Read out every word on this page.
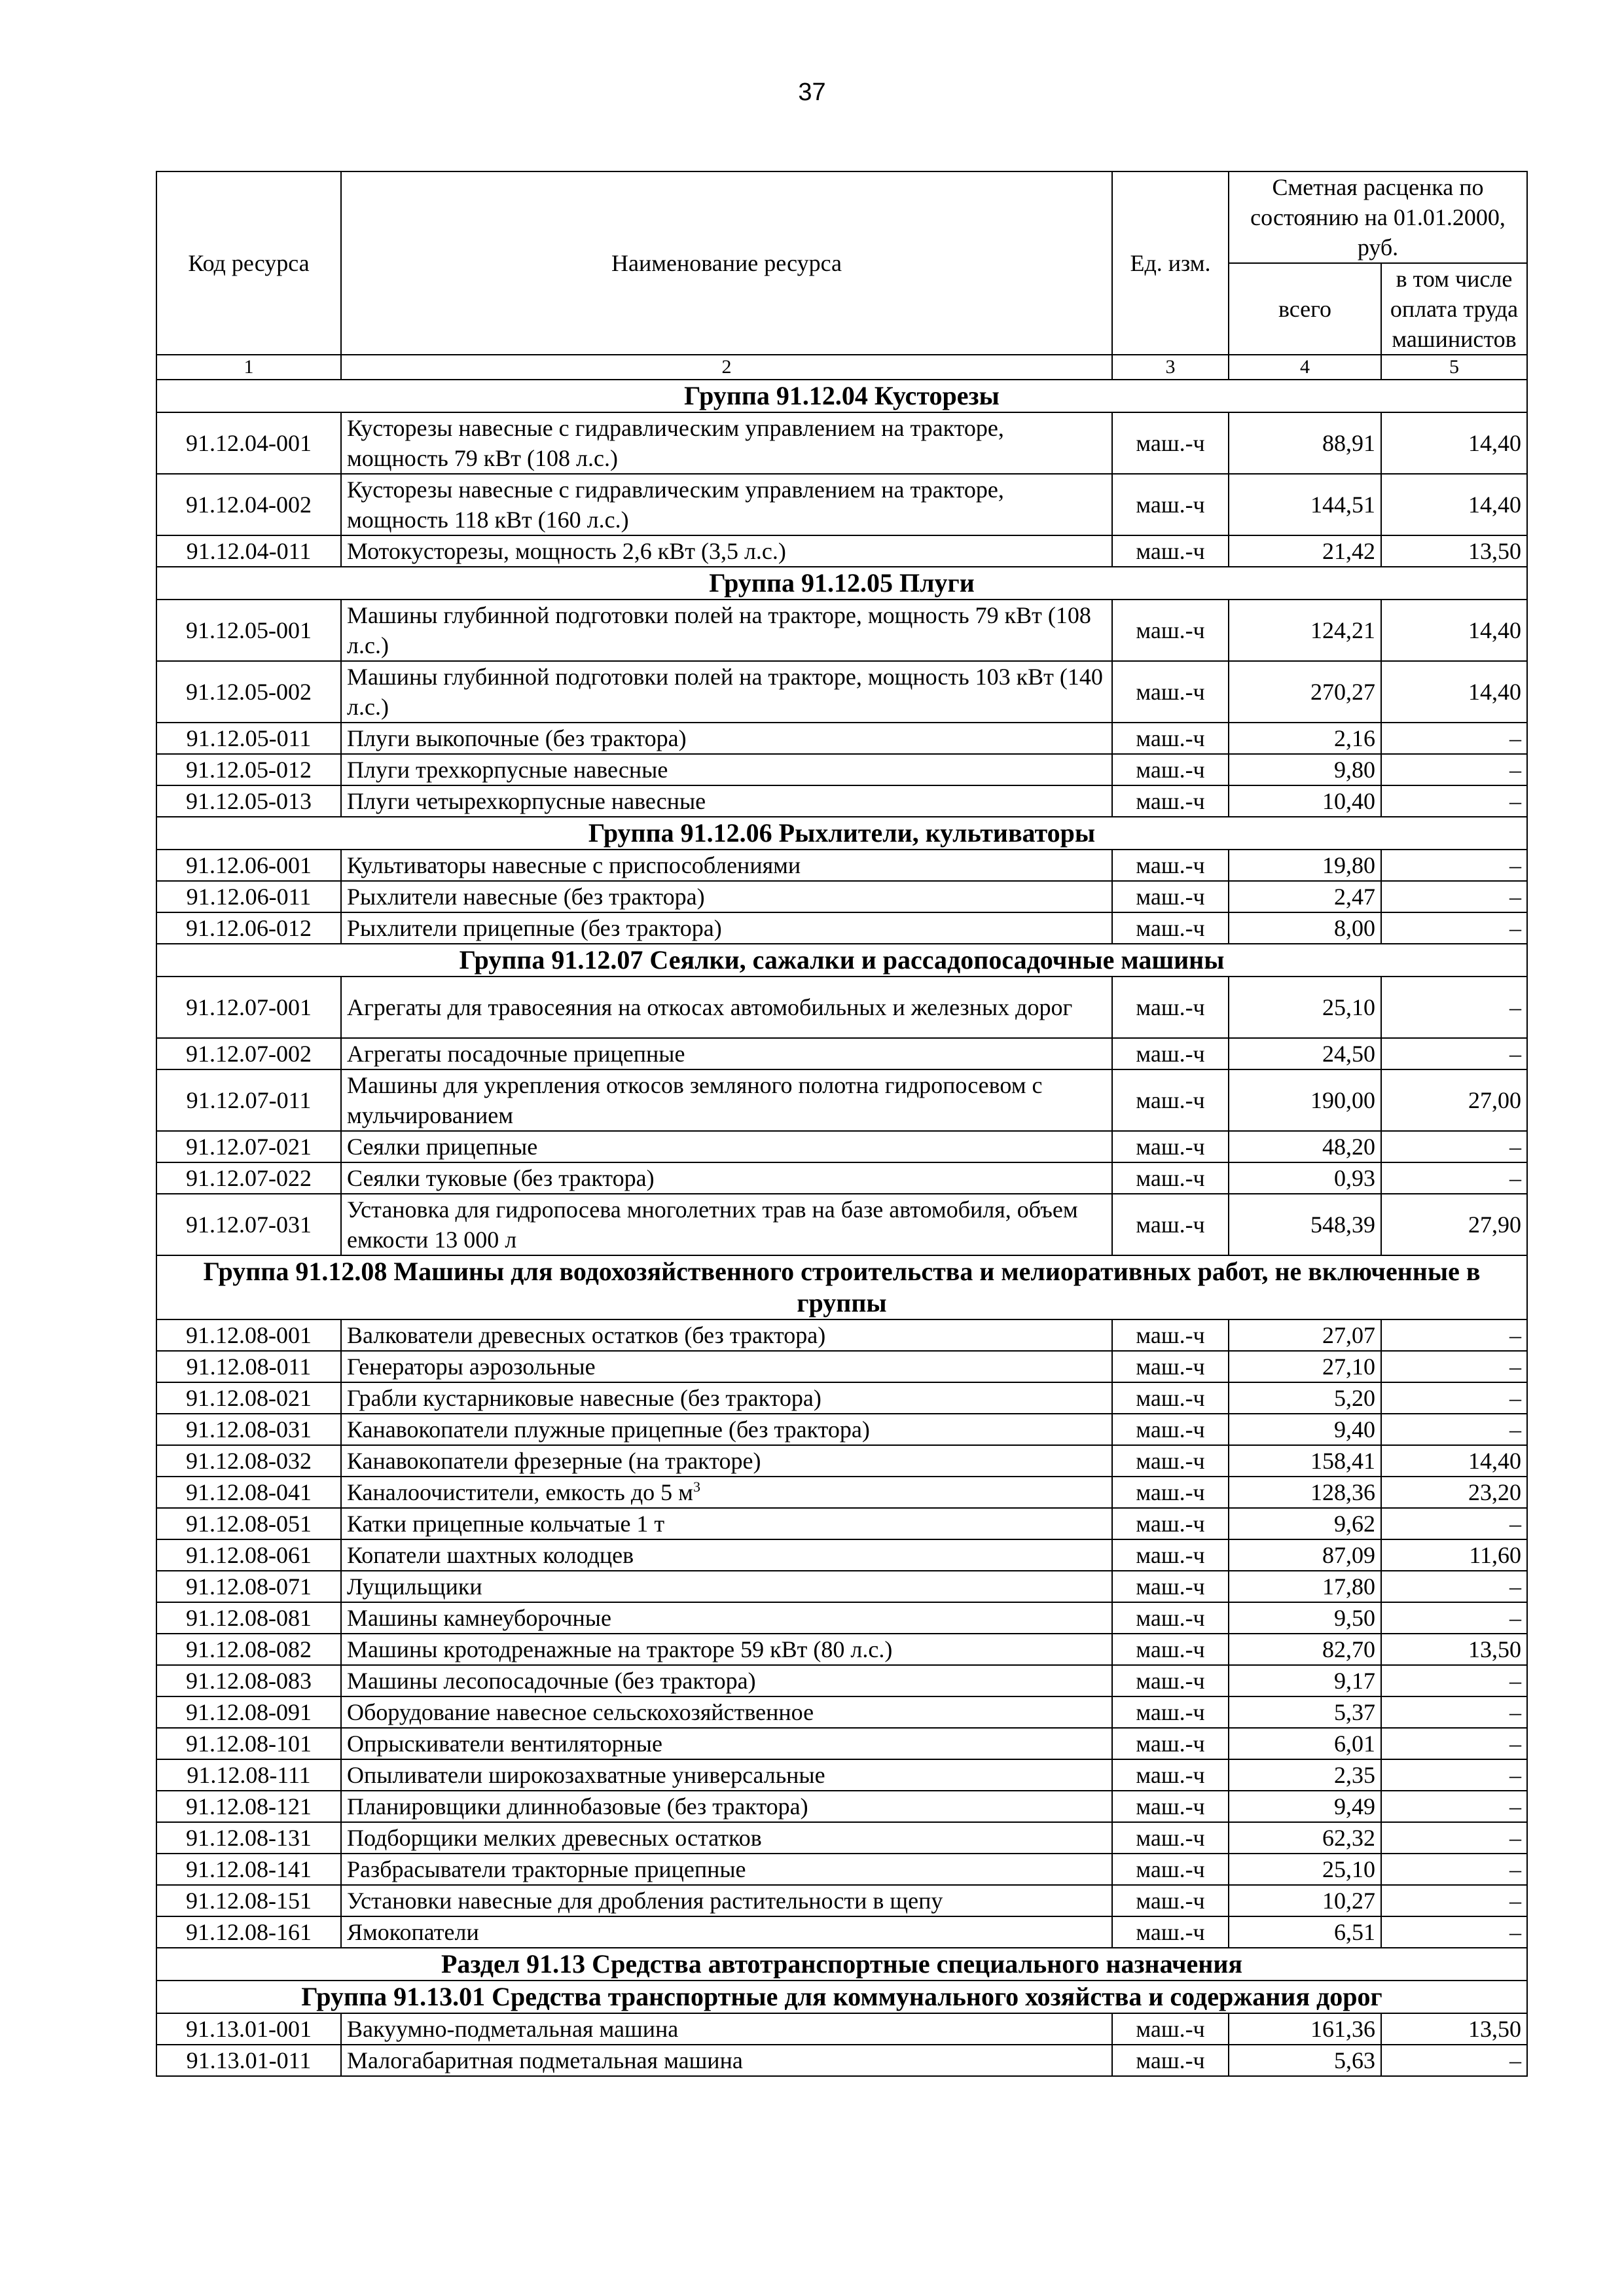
37
Код ресурса	Наименование ресурса	Ед. изм.	Сметная расценка по состоянию на 01.01.2000, руб.	
			всего	в том числе оплата труда машинистов
1	2	3	4	5
Группа 91.12.04 Кусторезы				
91.12.04-001	Кусторезы навесные с гидравлическим управлением на тракторе, мощность 79 кВт (108 л.с.)	маш.-ч	88,91	14,40
91.12.04-002	Кусторезы навесные с гидравлическим управлением на тракторе, мощность 118 кВт (160 л.с.)	маш.-ч	144,51	14,40
91.12.04-011	Мотокусторезы, мощность 2,6 кВт (3,5 л.с.)	маш.-ч	21,42	13,50
Группа 91.12.05 Плуги				
91.12.05-001	Машины глубинной подготовки полей на тракторе, мощность 79 кВт (108 л.с.)	маш.-ч	124,21	14,40
91.12.05-002	Машины глубинной подготовки полей на тракторе, мощность 103 кВт (140 л.с.)	маш.-ч	270,27	14,40
91.12.05-011	Плуги выкопочные (без трактора)	маш.-ч	2,16	–
91.12.05-012	Плуги трехкорпусные навесные	маш.-ч	9,80	–
91.12.05-013	Плуги четырехкорпусные навесные	маш.-ч	10,40	–
Группа 91.12.06 Рыхлители, культиваторы				
91.12.06-001	Культиваторы навесные с приспособлениями	маш.-ч	19,80	–
91.12.06-011	Рыхлители навесные (без трактора)	маш.-ч	2,47	–
91.12.06-012	Рыхлители прицепные (без трактора)	маш.-ч	8,00	–
Группа 91.12.07 Сеялки, сажалки и рассадопосадочные машины				
91.12.07-001	Агрегаты для травосеяния на откосах автомобильных и железных дорог	маш.-ч	25,10	–
91.12.07-002	Агрегаты посадочные прицепные	маш.-ч	24,50	–
91.12.07-011	Машины для укрепления откосов земляного полотна гидропосевом с мульчированием	маш.-ч	190,00	27,00
91.12.07-021	Сеялки прицепные	маш.-ч	48,20	–
91.12.07-022	Сеялки туковые (без трактора)	маш.-ч	0,93	–
91.12.07-031	Установка для гидропосева многолетних трав на базе автомобиля, объем емкости 13 000 л	маш.-ч	548,39	27,90
Группа 91.12.08 Машины для водохозяйственного строительства и мелиоративных работ, не включенные в группы				
91.12.08-001	Валкователи древесных остатков (без трактора)	маш.-ч	27,07	–
91.12.08-011	Генераторы аэрозольные	маш.-ч	27,10	–
91.12.08-021	Грабли кустарниковые навесные (без трактора)	маш.-ч	5,20	–
91.12.08-031	Канавокопатели плужные прицепные (без трактора)	маш.-ч	9,40	–
91.12.08-032	Канавокопатели фрезерные (на тракторе)	маш.-ч	158,41	14,40
91.12.08-041	Каналоочистители, емкость до 5 $м^3$	маш.-ч	128,36	23,20
91.12.08-051	Катки прицепные кольчатые 1 т	маш.-ч	9,62	–
91.12.08-061	Копатели шахтных колодцев	маш.-ч	87,09	11,60
91.12.08-071	Лущильщики	маш.-ч	17,80	–
91.12.08-081	Машины камнеуборочные	маш.-ч	9,50	–
91.12.08-082	Машины кротодренажные на тракторе 59 кВт (80 л.с.)	маш.-ч	82,70	13,50
91.12.08-083	Машины лесопосадочные (без трактора)	маш.-ч	9,17	–
91.12.08-091	Оборудование навесное сельскохозяйственное	маш.-ч	5,37	–
91.12.08-101	Опрыскиватели вентиляторные	маш.-ч	6,01	–
91.12.08-111	Опыливатели широкозахватные универсальные	маш.-ч	2,35	–
91.12.08-121	Планировщики длиннобазовые (без трактора)	маш.-ч	9,49	–
91.12.08-131	Подборщики мелких древесных остатков	маш.-ч	62,32	–
91.12.08-141	Разбрасыватели тракторные прицепные	маш.-ч	25,10	–
91.12.08-151	Установки навесные для дробления растительности в щепу	маш.-ч	10,27	–
91.12.08-161	Ямокопатели	маш.-ч	6,51	–
Раздел 91.13 Средства автотранспортные специального назначения				
Группа 91.13.01 Средства транспортные для коммунального хозяйства и содержания дорог				
91.13.01-001	Вакуумно-подметальная машина	маш.-ч	161,36	13,50
91.13.01-011	Малогабаритная подметальная машина	маш.-ч	5,63	–
